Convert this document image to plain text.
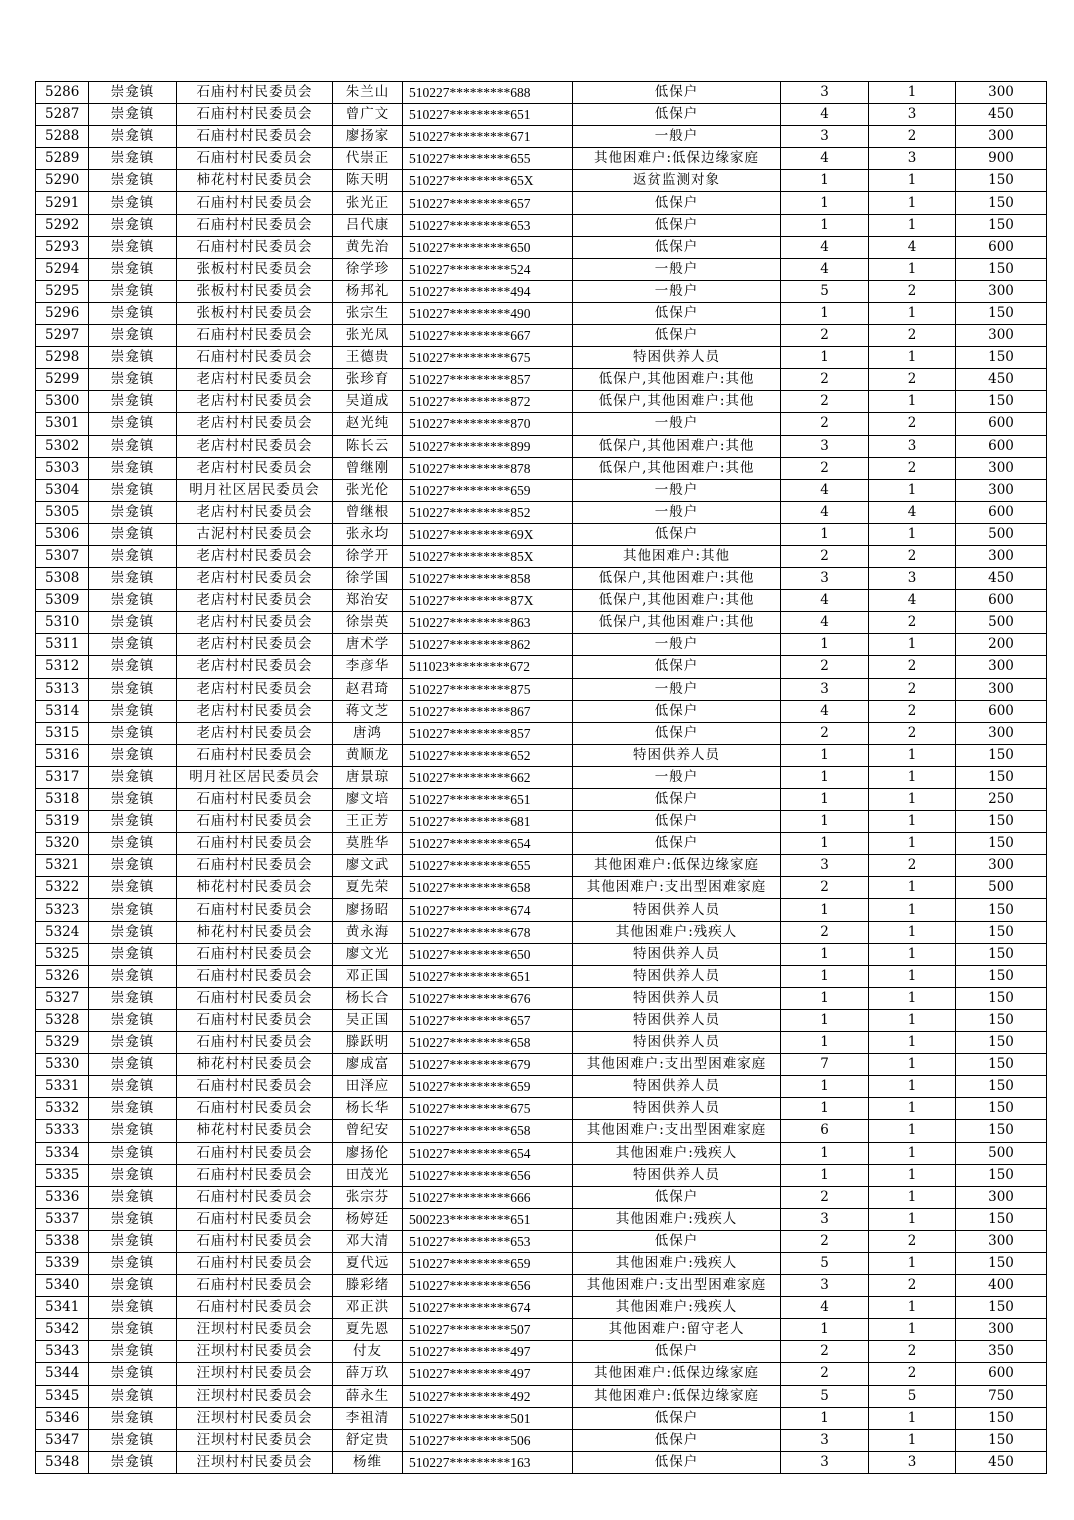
5286	崇龛镇	石庙村村民委员会	朱兰山	510227*********688	低保户	3	1	300
5287	崇龛镇	石庙村村民委员会	曾广文	510227*********651	低保户	4	3	450
5288	崇龛镇	石庙村村民委员会	廖扬家	510227*********671	一般户	3	2	300
5289	崇龛镇	石庙村村民委员会	代崇正	510227*********655	其他困难户:低保边缘家庭	4	3	900
5290	崇龛镇	柿花村村民委员会	陈天明	510227*********65X	返贫监测对象	1	1	150
5291	崇龛镇	石庙村村民委员会	张光正	510227*********657	低保户	1	1	150
5292	崇龛镇	石庙村村民委员会	吕代康	510227*********653	低保户	1	1	150
5293	崇龛镇	石庙村村民委员会	黄先治	510227*********650	低保户	4	4	600
5294	崇龛镇	张板村村民委员会	徐学珍	510227*********524	一般户	4	1	150
5295	崇龛镇	张板村村民委员会	杨邦礼	510227*********494	一般户	5	2	300
5296	崇龛镇	张板村村民委员会	张宗生	510227*********490	低保户	1	1	150
5297	崇龛镇	石庙村村民委员会	张光凤	510227*********667	低保户	2	2	300
5298	崇龛镇	石庙村村民委员会	王德贵	510227*********675	特困供养人员	1	1	150
5299	崇龛镇	老店村村民委员会	张珍育	510227*********857	低保户,其他困难户:其他	2	2	450
5300	崇龛镇	老店村村民委员会	吴道成	510227*********872	低保户,其他困难户:其他	2	1	150
5301	崇龛镇	老店村村民委员会	赵光纯	510227*********870	一般户	2	2	600
5302	崇龛镇	老店村村民委员会	陈长云	510227*********899	低保户,其他困难户:其他	3	3	600
5303	崇龛镇	老店村村民委员会	曾继刚	510227*********878	低保户,其他困难户:其他	2	2	300
5304	崇龛镇	明月社区居民委员会	张光伦	510227*********659	一般户	4	1	300
5305	崇龛镇	老店村村民委员会	曾继根	510227*********852	一般户	4	4	600
5306	崇龛镇	古泥村村民委员会	张永均	510227*********69X	低保户	1	1	500
5307	崇龛镇	老店村村民委员会	徐学开	510227*********85X	其他困难户:其他	2	2	300
5308	崇龛镇	老店村村民委员会	徐学国	510227*********858	低保户,其他困难户:其他	3	3	450
5309	崇龛镇	老店村村民委员会	郑治安	510227*********87X	低保户,其他困难户:其他	4	4	600
5310	崇龛镇	老店村村民委员会	徐崇英	510227*********863	低保户,其他困难户:其他	4	2	500
5311	崇龛镇	老店村村民委员会	唐术学	510227*********862	一般户	1	1	200
5312	崇龛镇	老店村村民委员会	李彦华	511023*********672	低保户	2	2	300
5313	崇龛镇	老店村村民委员会	赵君琦	510227*********875	一般户	3	2	300
5314	崇龛镇	老店村村民委员会	蒋文芝	510227*********867	低保户	4	2	600
5315	崇龛镇	老店村村民委员会	唐鸿	510227*********857	低保户	2	2	300
5316	崇龛镇	石庙村村民委员会	黄顺龙	510227*********652	特困供养人员	1	1	150
5317	崇龛镇	明月社区居民委员会	唐景琼	510227*********662	一般户	1	1	150
5318	崇龛镇	石庙村村民委员会	廖文培	510227*********651	低保户	1	1	250
5319	崇龛镇	石庙村村民委员会	王正芳	510227*********681	低保户	1	1	150
5320	崇龛镇	石庙村村民委员会	莫胜华	510227*********654	低保户	1	1	150
5321	崇龛镇	石庙村村民委员会	廖文武	510227*********655	其他困难户:低保边缘家庭	3	2	300
5322	崇龛镇	柿花村村民委员会	夏先荣	510227*********658	其他困难户:支出型困难家庭	2	1	500
5323	崇龛镇	石庙村村民委员会	廖扬昭	510227*********674	特困供养人员	1	1	150
5324	崇龛镇	柿花村村民委员会	黄永海	510227*********678	其他困难户:残疾人	2	1	150
5325	崇龛镇	石庙村村民委员会	廖文光	510227*********650	特困供养人员	1	1	150
5326	崇龛镇	石庙村村民委员会	邓正国	510227*********651	特困供养人员	1	1	150
5327	崇龛镇	石庙村村民委员会	杨长合	510227*********676	特困供养人员	1	1	150
5328	崇龛镇	石庙村村民委员会	吴正国	510227*********657	特困供养人员	1	1	150
5329	崇龛镇	石庙村村民委员会	滕跃明	510227*********658	特困供养人员	1	1	150
5330	崇龛镇	柿花村村民委员会	廖成富	510227*********679	其他困难户:支出型困难家庭	7	1	150
5331	崇龛镇	石庙村村民委员会	田泽应	510227*********659	特困供养人员	1	1	150
5332	崇龛镇	石庙村村民委员会	杨长华	510227*********675	特困供养人员	1	1	150
5333	崇龛镇	柿花村村民委员会	曾纪安	510227*********658	其他困难户:支出型困难家庭	6	1	150
5334	崇龛镇	石庙村村民委员会	廖扬伦	510227*********654	其他困难户:残疾人	1	1	500
5335	崇龛镇	石庙村村民委员会	田茂光	510227*********656	特困供养人员	1	1	150
5336	崇龛镇	石庙村村民委员会	张宗芬	510227*********666	低保户	2	1	300
5337	崇龛镇	石庙村村民委员会	杨婷廷	500223*********651	其他困难户:残疾人	3	1	150
5338	崇龛镇	石庙村村民委员会	邓大清	510227*********653	低保户	2	2	300
5339	崇龛镇	石庙村村民委员会	夏代远	510227*********659	其他困难户:残疾人	5	1	150
5340	崇龛镇	石庙村村民委员会	滕彩绪	510227*********656	其他困难户:支出型困难家庭	3	2	400
5341	崇龛镇	石庙村村民委员会	邓正洪	510227*********674	其他困难户:残疾人	4	1	150
5342	崇龛镇	汪坝村村民委员会	夏先恩	510227*********507	其他困难户:留守老人	1	1	300
5343	崇龛镇	汪坝村村民委员会	付友	510227*********497	低保户	2	2	350
5344	崇龛镇	汪坝村村民委员会	薛万玖	510227*********497	其他困难户:低保边缘家庭	2	2	600
5345	崇龛镇	汪坝村村民委员会	薛永生	510227*********492	其他困难户:低保边缘家庭	5	5	750
5346	崇龛镇	汪坝村村民委员会	李祖清	510227*********501	低保户	1	1	150
5347	崇龛镇	汪坝村村民委员会	舒定贵	510227*********506	低保户	3	1	150
5348	崇龛镇	汪坝村村民委员会	杨维	510227*********163	低保户	3	3	450
